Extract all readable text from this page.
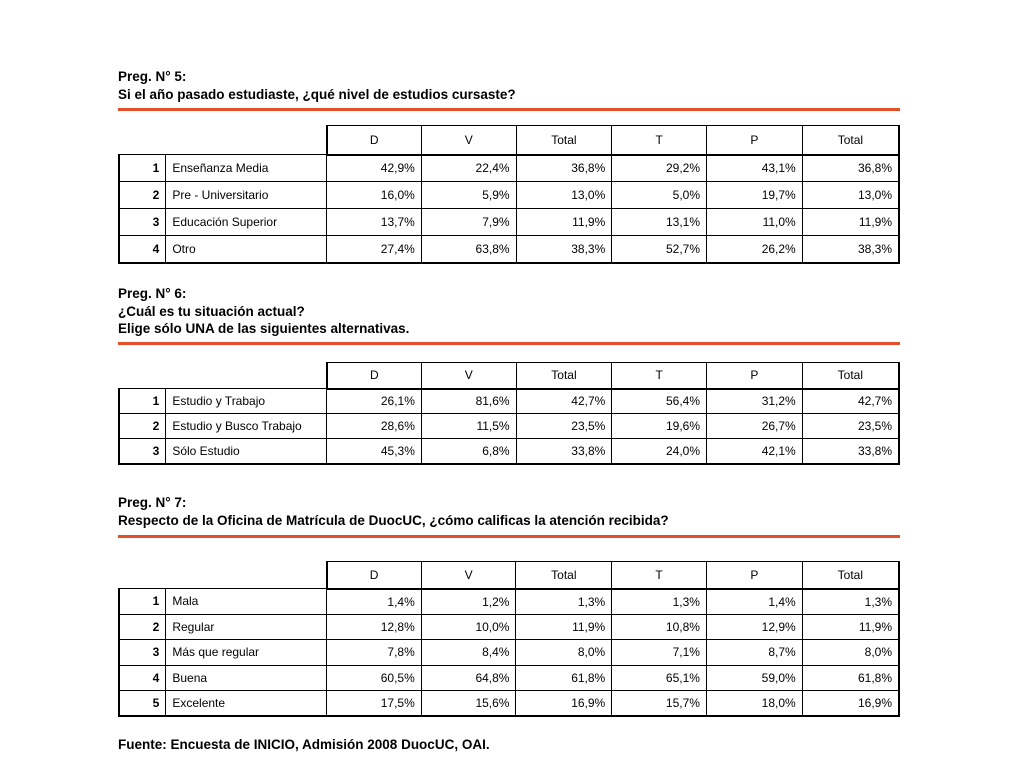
Preg. N° 5:
Si el año pasado estudiaste, ¿qué nivel de estudios cursaste?
		D	V	Total	T	P	Total
1	Enseñanza Media	42,9%	22,4%	36,8%	29,2%	43,1%	36,8%
2	Pre - Universitario	16,0%	5,9%	13,0%	5,0%	19,7%	13,0%
3	Educación Superior	13,7%	7,9%	11,9%	13,1%	11,0%	11,9%
4	Otro	27,4%	63,8%	38,3%	52,7%	26,2%	38,3%
Preg. N° 6:
¿Cuál es tu situación actual?
Elige sólo UNA de las siguientes alternativas.
		D	V	Total	T	P	Total
1	Estudio y Trabajo	26,1%	81,6%	42,7%	56,4%	31,2%	42,7%
2	Estudio y Busco Trabajo	28,6%	11,5%	23,5%	19,6%	26,7%	23,5%
3	Sólo Estudio	45,3%	6,8%	33,8%	24,0%	42,1%	33,8%
Preg. N° 7:
Respecto de la Oficina de Matrícula de DuocUC, ¿cómo calificas la atención recibida?
		D	V	Total	T	P	Total
1	Mala	1,4%	1,2%	1,3%	1,3%	1,4%	1,3%
2	Regular	12,8%	10,0%	11,9%	10,8%	12,9%	11,9%
3	Más que regular	7,8%	8,4%	8,0%	7,1%	8,7%	8,0%
4	Buena	60,5%	64,8%	61,8%	65,1%	59,0%	61,8%
5	Excelente	17,5%	15,6%	16,9%	15,7%	18,0%	16,9%
Fuente: Encuesta de INICIO, Admisión 2008 DuocUC, OAI.
